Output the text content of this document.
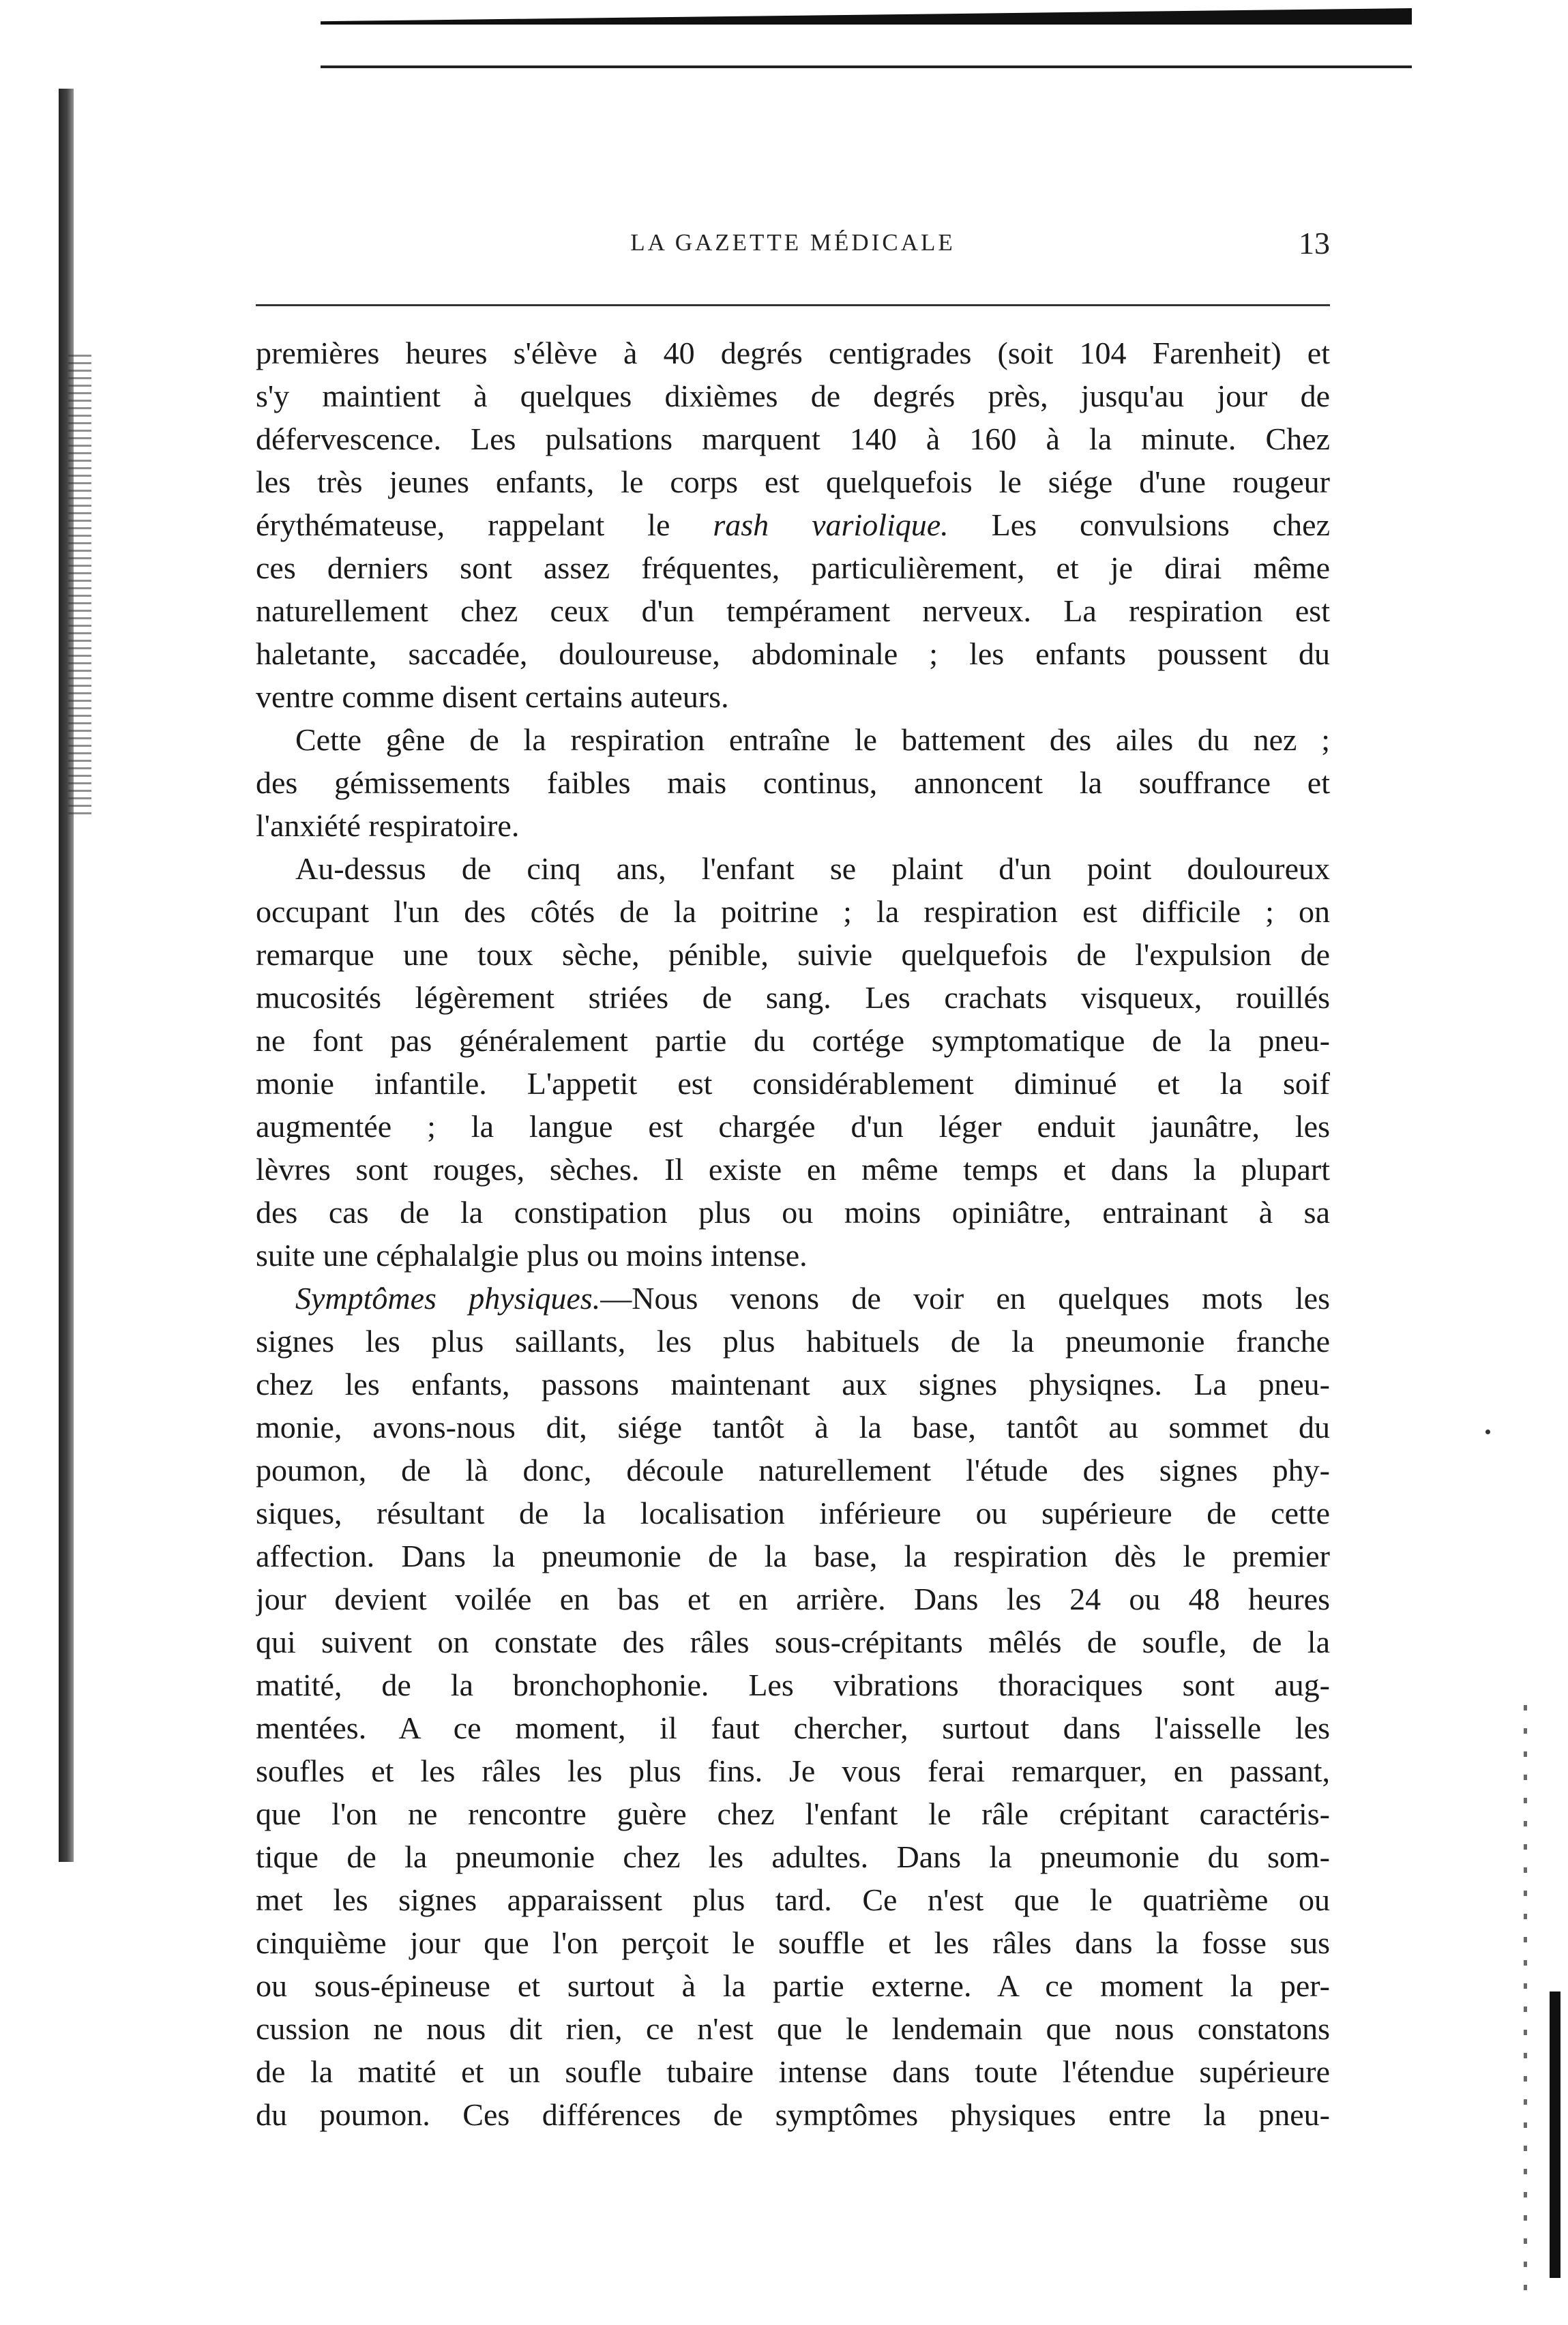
LA GAZETTE MÉDICALE	13
premières heures s'élève à 40 degrés centigrades (soit 104 Farenheit) et
s'y maintient à quelques dixièmes de degrés près, jusqu'au jour de
défervescence. Les pulsations marquent 140 à 160 à la minute. Chez
les très jeunes enfants, le corps est quelquefois le siége d'une rougeur
érythémateuse, rappelant le rash variolique. Les convulsions chez
ces derniers sont assez fréquentes, particulièrement, et je dirai même
naturellement chez ceux d'un tempérament nerveux. La respiration est
haletante, saccadée, douloureuse, abdominale ; les enfants poussent du
ventre comme disent certains auteurs.
Cette gêne de la respiration entraîne le battement des ailes du nez ;
des gémissements faibles mais continus, annoncent la souffrance et
l'anxiété respiratoire.
Au-dessus de cinq ans, l'enfant se plaint d'un point douloureux
occupant l'un des côtés de la poitrine ; la respiration est difficile ; on
remarque une toux sèche, pénible, suivie quelquefois de l'expulsion de
mucosités légèrement striées de sang. Les crachats visqueux, rouillés
ne font pas généralement partie du cortége symptomatique de la pneu-
monie infantile. L'appetit est considérablement diminué et la soif
augmentée ; la langue est chargée d'un léger enduit jaunâtre, les
lèvres sont rouges, sèches. Il existe en même temps et dans la plupart
des cas de la constipation plus ou moins opiniâtre, entrainant à sa
suite une céphalalgie plus ou moins intense.
Symptômes physiques.—Nous venons de voir en quelques mots les
signes les plus saillants, les plus habituels de la pneumonie franche
chez les enfants, passons maintenant aux signes physiqnes. La pneu-
monie, avons-nous dit, siége tantôt à la base, tantôt au sommet du
poumon, de là donc, découle naturellement l'étude des signes phy-
siques, résultant de la localisation inférieure ou supérieure de cette
affection. Dans la pneumonie de la base, la respiration dès le premier
jour devient voilée en bas et en arrière. Dans les 24 ou 48 heures
qui suivent on constate des râles sous-crépitants mêlés de soufle, de la
matité, de la bronchophonie. Les vibrations thoraciques sont aug-
mentées. A ce moment, il faut chercher, surtout dans l'aisselle les
soufles et les râles les plus fins. Je vous ferai remarquer, en passant,
que l'on ne rencontre guère chez l'enfant le râle crépitant caractéris-
tique de la pneumonie chez les adultes. Dans la pneumonie du som-
met les signes apparaissent plus tard. Ce n'est que le quatrième ou
cinquième jour que l'on perçoit le souffle et les râles dans la fosse sus
ou sous-épineuse et surtout à la partie externe. A ce moment la per-
cussion ne nous dit rien, ce n'est que le lendemain que nous constatons
de la matité et un soufle tubaire intense dans toute l'étendue supérieure
du poumon. Ces différences de symptômes physiques entre la pneu-
